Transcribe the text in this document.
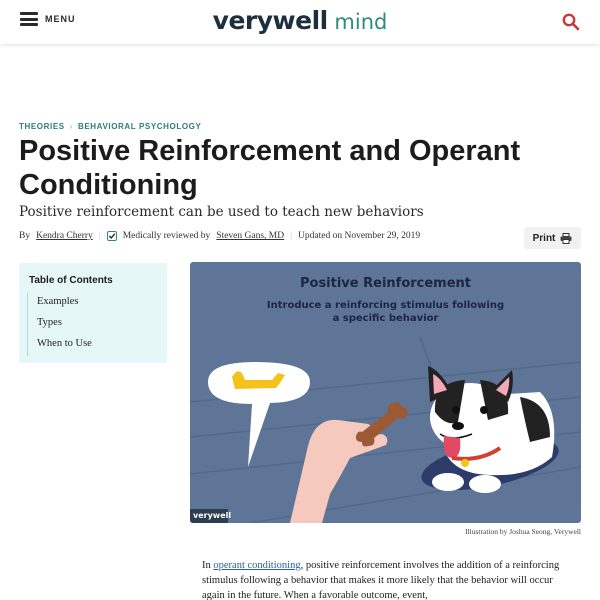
MENU	verywell mind
THEORIES › BEHAVIORAL PSYCHOLOGY
Positive Reinforcement and Operant Conditioning
Positive reinforcement can be used to teach new behaviors
By Kendra Cherry | Medically reviewed by Steven Gans, MD | Updated on November 29, 2019	Print
Table of Contents
Examples
Types
When to Use
Positive Reinforcement
Introduce a reinforcing stimulus following
a specific behavior
verywell
Illustration by Joshua Seong, Verywell

In operant conditioning, positive reinforcement involves the addition of a reinforcing stimulus following a behavior that makes it more likely that the behavior will occur again in the future. When a favorable outcome, event,
